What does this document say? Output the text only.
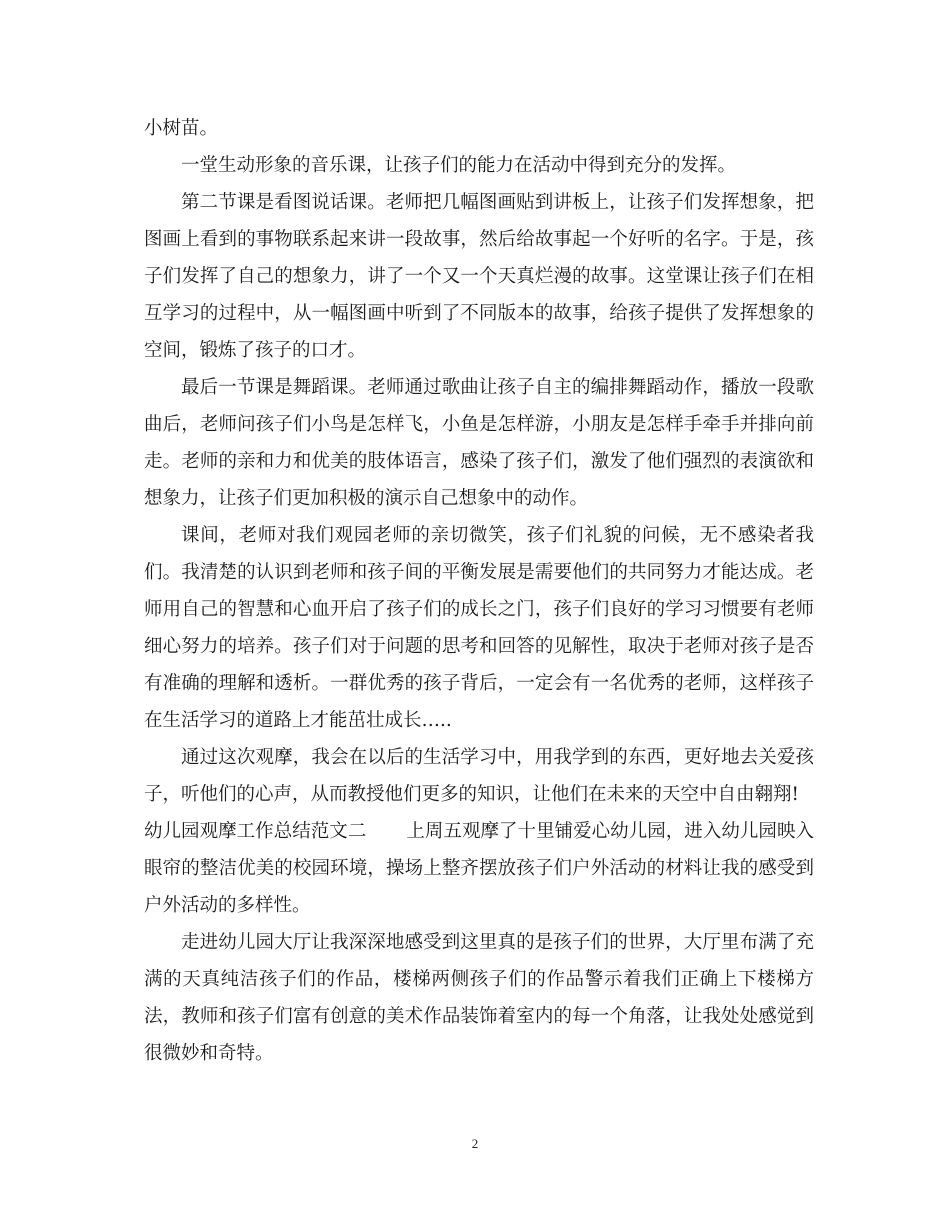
小树苗。

一堂生动形象的音乐课，让孩子们的能力在活动中得到充分的发挥。

第二节课是看图说话课。老师把几幅图画贴到讲板上，让孩子们发挥想象，把图画上看到的事物联系起来讲一段故事，然后给故事起一个好听的名字。于是，孩子们发挥了自己的想象力，讲了一个又一个天真烂漫的故事。这堂课让孩子们在相互学习的过程中，从一幅图画中听到了不同版本的故事，给孩子提供了发挥想象的空间，锻炼了孩子的口才。

最后一节课是舞蹈课。老师通过歌曲让孩子自主的编排舞蹈动作，播放一段歌曲后，老师问孩子们小鸟是怎样飞，小鱼是怎样游，小朋友是怎样手牵手并排向前走。老师的亲和力和优美的肢体语言，感染了孩子们，激发了他们强烈的表演欲和想象力，让孩子们更加积极的演示自己想象中的动作。

课间，老师对我们观园老师的亲切微笑，孩子们礼貌的问候，无不感染者我们。我清楚的认识到老师和孩子间的平衡发展是需要他们的共同努力才能达成。老师用自己的智慧和心血开启了孩子们的成长之门，孩子们良好的学习习惯要有老师细心努力的培养。孩子们对于问题的思考和回答的见解性，取决于老师对孩子是否有准确的理解和透析。一群优秀的孩子背后，一定会有一名优秀的老师，这样孩子在生活学习的道路上才能茁壮成长…..

通过这次观摩，我会在以后的生活学习中，用我学到的东西，更好地去关爱孩子，听他们的心声，从而教授他们更多的知识，让他们在未来的天空中自由翱翔!

幼儿园观摩工作总结范文二 上周五观摩了十里铺爱心幼儿园，进入幼儿园映入眼帘的整洁优美的校园环境，操场上整齐摆放孩子们户外活动的材料让我的感受到户外活动的多样性。

走进幼儿园大厅让我深深地感受到这里真的是孩子们的世界，大厅里布满了充满的天真纯洁孩子们的作品，楼梯两侧孩子们的作品警示着我们正确上下楼梯方法，教师和孩子们富有创意的美术作品装饰着室内的每一个角落，让我处处感觉到很微妙和奇特。

2
